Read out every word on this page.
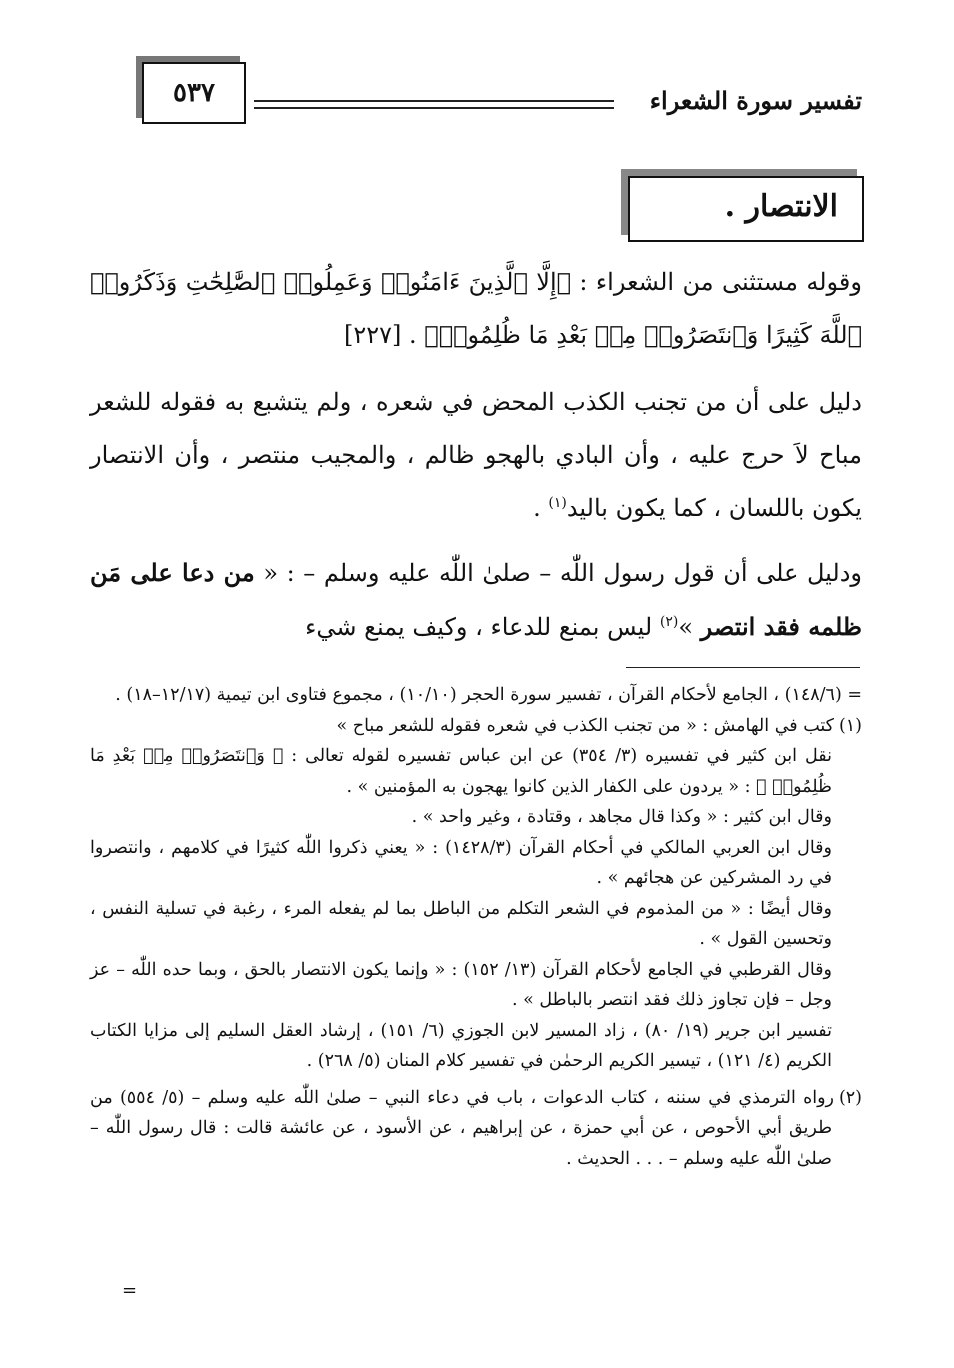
تفسير سورة الشعراء
٥٣٧
الانتصار .
وقوله مستثنى من الشعراء : ﴿إِلَّا ٱلَّذِينَ ءَامَنُوا۟ وَعَمِلُوا۟ ٱلصَّٰلِحَٰتِ وَذَكَرُوا۟ ٱللَّهَ كَثِيرًا وَٱنتَصَرُوا۟ مِنۢ بَعْدِ مَا ظُلِمُوا۟﴾ . [٢٢٧]
دليل على أن من تجنب الكذب المحض في شعره ، ولم يتشبع به فقوله للشعر مباح لاَ حرج عليه ، وأن البادي بالهجو ظالم ، والمجيب منتصر ، وأن الانتصار يكون باللسان ، كما يكون باليد$^{(١)}$ .
ودليل على أن قول رسول اللّٰه – صلىٰ اللّٰه عليه وسلم – : « من دعا على مَن ظلمه فقد انتصر »$^{(٢)}$ ليس بمنع للدعاء ، وكيف يمنع شيء

= (١٤٨/٦) ، الجامع لأحكام القرآن ، تفسير سورة الحجر (١٠/١٠) ، مجموع فتاوى ابن تيمية (١٢/١٧–١٨) .

(١)كتب في الهامش : « من تجنب الكذب في شعره فقوله للشعر مباح »
نقل ابن كثير في تفسيره (٣/ ٣٥٤) عن ابن عباس تفسيره لقوله تعالى : ﴿ وَٱنتَصَرُوا۟ مِنۢ بَعْدِ مَا ظُلِمُوا۟ ﴾ : « يردون على الكفار الذين كانوا يهجون به المؤمنين » .
وقال ابن كثير : « وكذا قال مجاهد ، وقتادة ، وغير واحد » .
وقال ابن العربي المالكي في أحكام القرآن (١٤٢٨/٣) : « يعني ذكروا اللّٰه كثيرًا في كلامهم ، وانتصروا في رد المشركين عن هجائهم » .
وقال أيضًا : « من المذموم في الشعر التكلم من الباطل بما لم يفعله المرء ، رغبة في تسلية النفس ، وتحسين القول » .
وقال القرطبي في الجامع لأحكام القرآن (١٣/ ١٥٢) : « وإنما يكون الانتصار بالحق ، وبما حده اللّٰه – عز وجل – فإن تجاوز ذلك فقد انتصر بالباطل » .
تفسير ابن جرير (١٩/ ٨٠) ، زاد المسير لابن الجوزي (٦/ ١٥١) ، إرشاد العقل السليم إلى مزايا الكتاب الكريم (٤/ ١٢١) ، تيسير الكريم الرحمٰن في تفسير كلام المنان (٥/ ٢٦٨) .
(٢)رواه الترمذي في سننه ، كتاب الدعوات ، باب في دعاء النبي – صلىٰ اللّٰه عليه وسلم – (٥/ ٥٥٤) من طريق أبي الأحوص ، عن أبي حمزة ، عن إبراهيم ، عن الأسود ، عن عائشة قالت : قال رسول اللّٰه – صلىٰ اللّٰه عليه وسلم – . . . الحديث .
=
